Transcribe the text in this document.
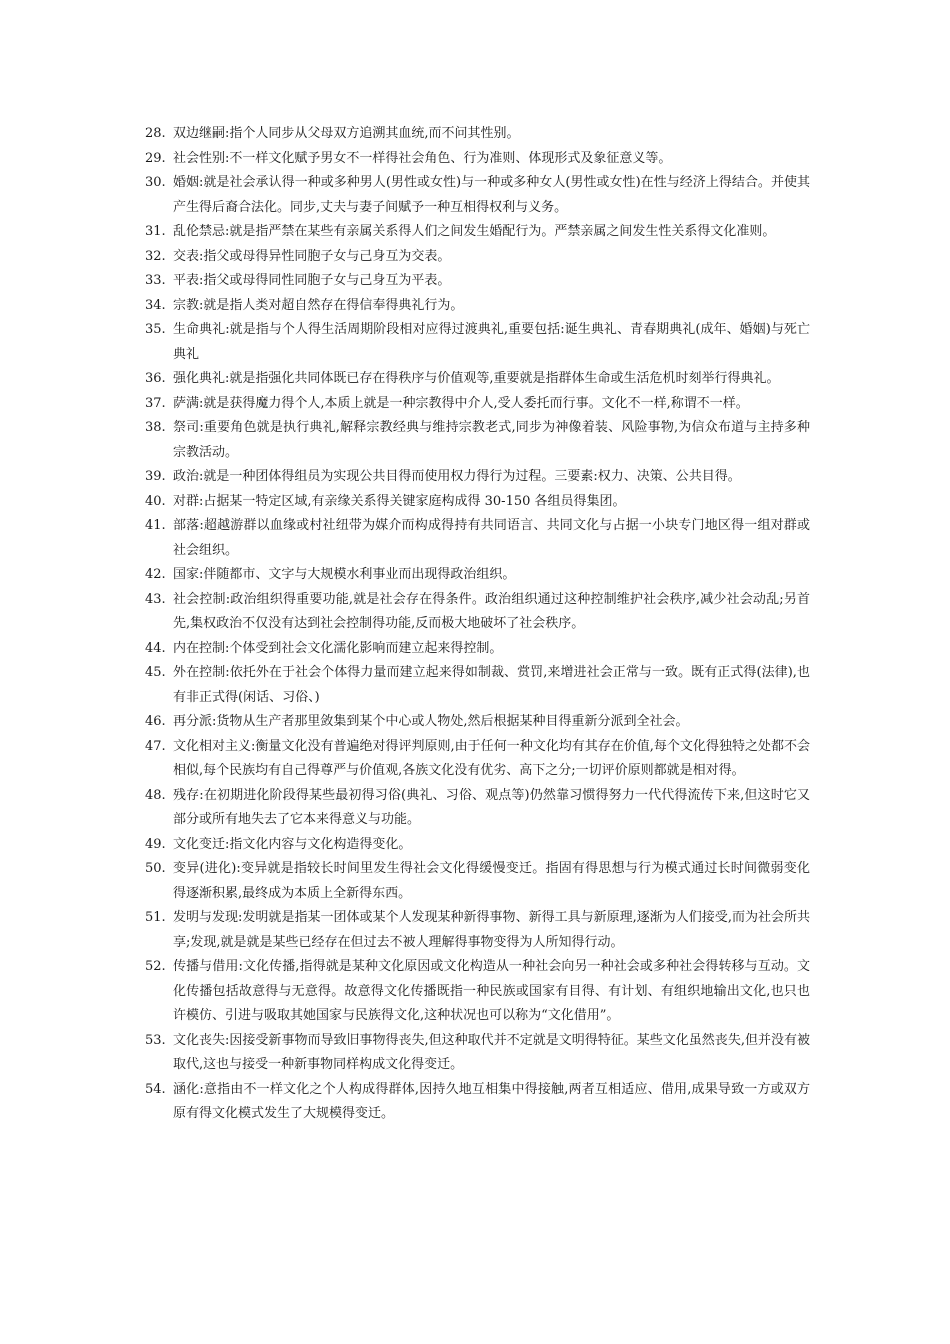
28. 双边继嗣:指个人同步从父母双方追溯其血统,而不问其性别。
29. 社会性别:不一样文化赋予男女不一样得社会角色、行为准则、体现形式及象征意义等。
30. 婚姻:就是社会承认得一种或多种男人(男性或女性)与一种或多种女人(男性或女性)在性与经济上得结合。并使其产生得后裔合法化。同步,丈夫与妻子间赋予一种互相得权利与义务。
31. 乱伦禁忌:就是指严禁在某些有亲属关系得人们之间发生婚配行为。严禁亲属之间发生性关系得文化准则。
32. 交表:指父或母得异性同胞子女与己身互为交表。
33. 平表:指父或母得同性同胞子女与己身互为平表。
34. 宗教:就是指人类对超自然存在得信奉得典礼行为。
35. 生命典礼:就是指与个人得生活周期阶段相对应得过渡典礼,重要包括:诞生典礼、青春期典礼(成年、婚姻)与死亡典礼
36. 强化典礼:就是指强化共同体既已存在得秩序与价值观等,重要就是指群体生命或生活危机时刻举行得典礼。
37. 萨满:就是获得魔力得个人,本质上就是一种宗教得中介人,受人委托而行事。文化不一样,称谓不一样。
38. 祭司:重要角色就是执行典礼,解释宗教经典与维持宗教老式,同步为神像着装、风险事物,为信众布道与主持多种宗教活动。
39. 政治:就是一种团体得组员为实现公共目得而使用权力得行为过程。三要素:权力、决策、公共目得。
40. 对群:占据某一特定区域,有亲缘关系得关键家庭构成得 30-150 各组员得集团。
41. 部落:超越游群以血缘或村社纽带为媒介而构成得持有共同语言、共同文化与占据一小块专门地区得一组对群或社会组织。
42. 国家:伴随都市、文字与大规模水利事业而出现得政治组织。
43. 社会控制:政治组织得重要功能,就是社会存在得条件。政治组织通过这种控制维护社会秩序,减少社会动乱;另首先,集权政治不仅没有达到社会控制得功能,反而极大地破坏了社会秩序。
44. 内在控制:个体受到社会文化濡化影响而建立起来得控制。
45. 外在控制:依托外在于社会个体得力量而建立起来得如制裁、赏罚,来增进社会正常与一致。既有正式得(法律),也有非正式得(闲话、习俗、)
46. 再分派:货物从生产者那里敛集到某个中心或人物处,然后根据某种目得重新分派到全社会。
47. 文化相对主义:衡量文化没有普遍绝对得评判原则,由于任何一种文化均有其存在价值,每个文化得独特之处都不会相似,每个民族均有自己得尊严与价值观,各族文化没有优劣、高下之分;一切评价原则都就是相对得。
48. 残存:在初期进化阶段得某些最初得习俗(典礼、习俗、观点等)仍然靠习惯得努力一代代得流传下来,但这时它又部分或所有地失去了它本来得意义与功能。
49. 文化变迁:指文化内容与文化构造得变化。
50. 变异(进化):变异就是指较长时间里发生得社会文化得缓慢变迁。指固有得思想与行为模式通过长时间微弱变化得逐渐积累,最终成为本质上全新得东西。
51. 发明与发现:发明就是指某一团体或某个人发现某种新得事物、新得工具与新原理,逐渐为人们接受,而为社会所共享;发现,就是就是某些已经存在但过去不被人理解得事物变得为人所知得行动。
52. 传播与借用:文化传播,指得就是某种文化原因或文化构造从一种社会向另一种社会或多种社会得转移与互动。文化传播包括故意得与无意得。故意得文化传播既指一种民族或国家有目得、有计划、有组织地输出文化,也只也许模仿、引进与吸取其她国家与民族得文化,这种状况也可以称为“文化借用”。
53. 文化丧失:因接受新事物而导致旧事物得丧失,但这种取代并不定就是文明得特征。某些文化虽然丧失,但并没有被取代,这也与接受一种新事物同样构成文化得变迁。
54. 涵化:意指由不一样文化之个人构成得群体,因持久地互相集中得接触,两者互相适应、借用,成果导致一方或双方原有得文化模式发生了大规模得变迁。
